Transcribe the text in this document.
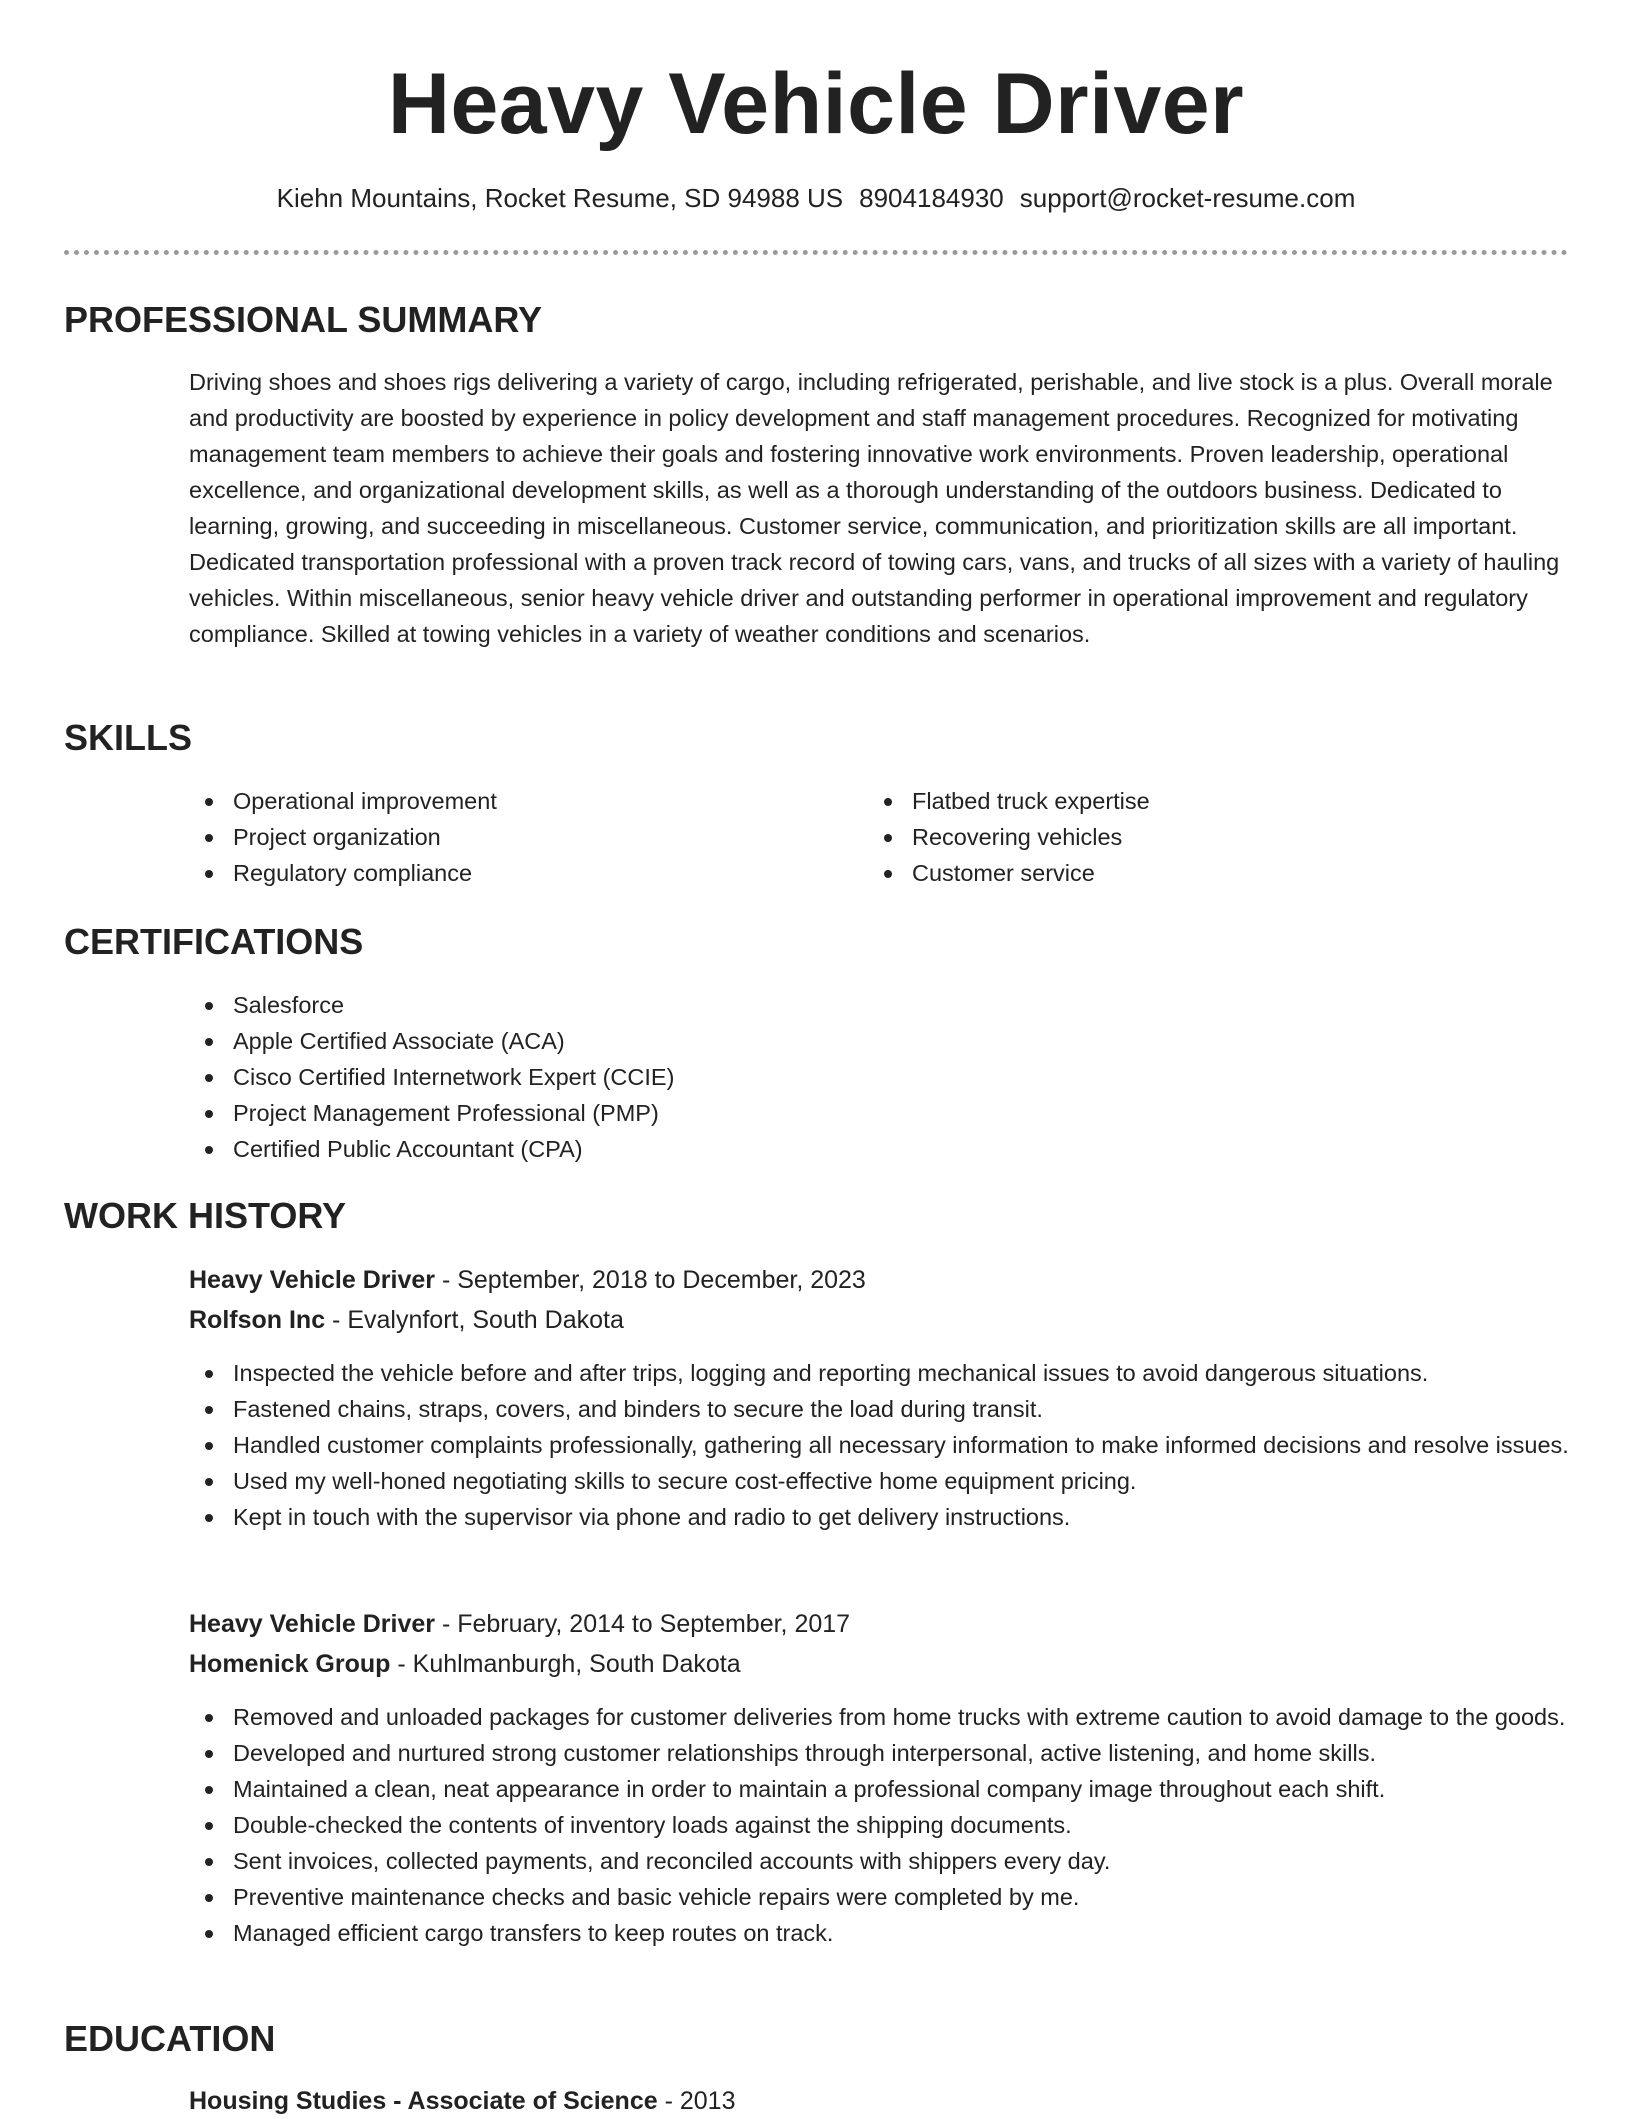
Heavy Vehicle Driver
Kiehn Mountains, Rocket Resume, SD 94988 US 8904184930 support@rocket-resume.com
PROFESSIONAL SUMMARY

Driving shoes and shoes rigs delivering a variety of cargo, including refrigerated, perishable, and live stock is a plus. Overall morale and productivity are boosted by experience in policy development and staff management procedures. Recognized for motivating management team members to achieve their goals and fostering innovative work environments. Proven leadership, operational excellence, and organizational development skills, as well as a thorough understanding of the outdoors business. Dedicated to learning, growing, and succeeding in miscellaneous. Customer service, communication, and prioritization skills are all important. Dedicated transportation professional with a proven track record of towing cars, vans, and trucks of all sizes with a variety of hauling vehicles. Within miscellaneous, senior heavy vehicle driver and outstanding performer in operational improvement and regulatory compliance. Skilled at towing vehicles in a variety of weather conditions and scenarios.

SKILLS
Operational improvement
Project organization
Regulatory compliance
Flatbed truck expertise
Recovering vehicles
Customer service
CERTIFICATIONS
Salesforce
Apple Certified Associate (ACA)
Cisco Certified Internetwork Expert (CCIE)
Project Management Professional (PMP)
Certified Public Accountant (CPA)
WORK HISTORY
Heavy Vehicle Driver - September, 2018 to December, 2023
Rolfson Inc - Evalynfort, South Dakota
Inspected the vehicle before and after trips, logging and reporting mechanical issues to avoid dangerous situations.
Fastened chains, straps, covers, and binders to secure the load during transit.
Handled customer complaints professionally, gathering all necessary information to make informed decisions and resolve issues.
Used my well-honed negotiating skills to secure cost-effective home equipment pricing.
Kept in touch with the supervisor via phone and radio to get delivery instructions.
Heavy Vehicle Driver - February, 2014 to September, 2017
Homenick Group - Kuhlmanburgh, South Dakota
Removed and unloaded packages for customer deliveries from home trucks with extreme caution to avoid damage to the goods.
Developed and nurtured strong customer relationships through interpersonal, active listening, and home skills.
Maintained a clean, neat appearance in order to maintain a professional company image throughout each shift.
Double-checked the contents of inventory loads against the shipping documents.
Sent invoices, collected payments, and reconciled accounts with shippers every day.
Preventive maintenance checks and basic vehicle repairs were completed by me.
Managed efficient cargo transfers to keep routes on track.
EDUCATION
Housing Studies - Associate of Science - 2013
